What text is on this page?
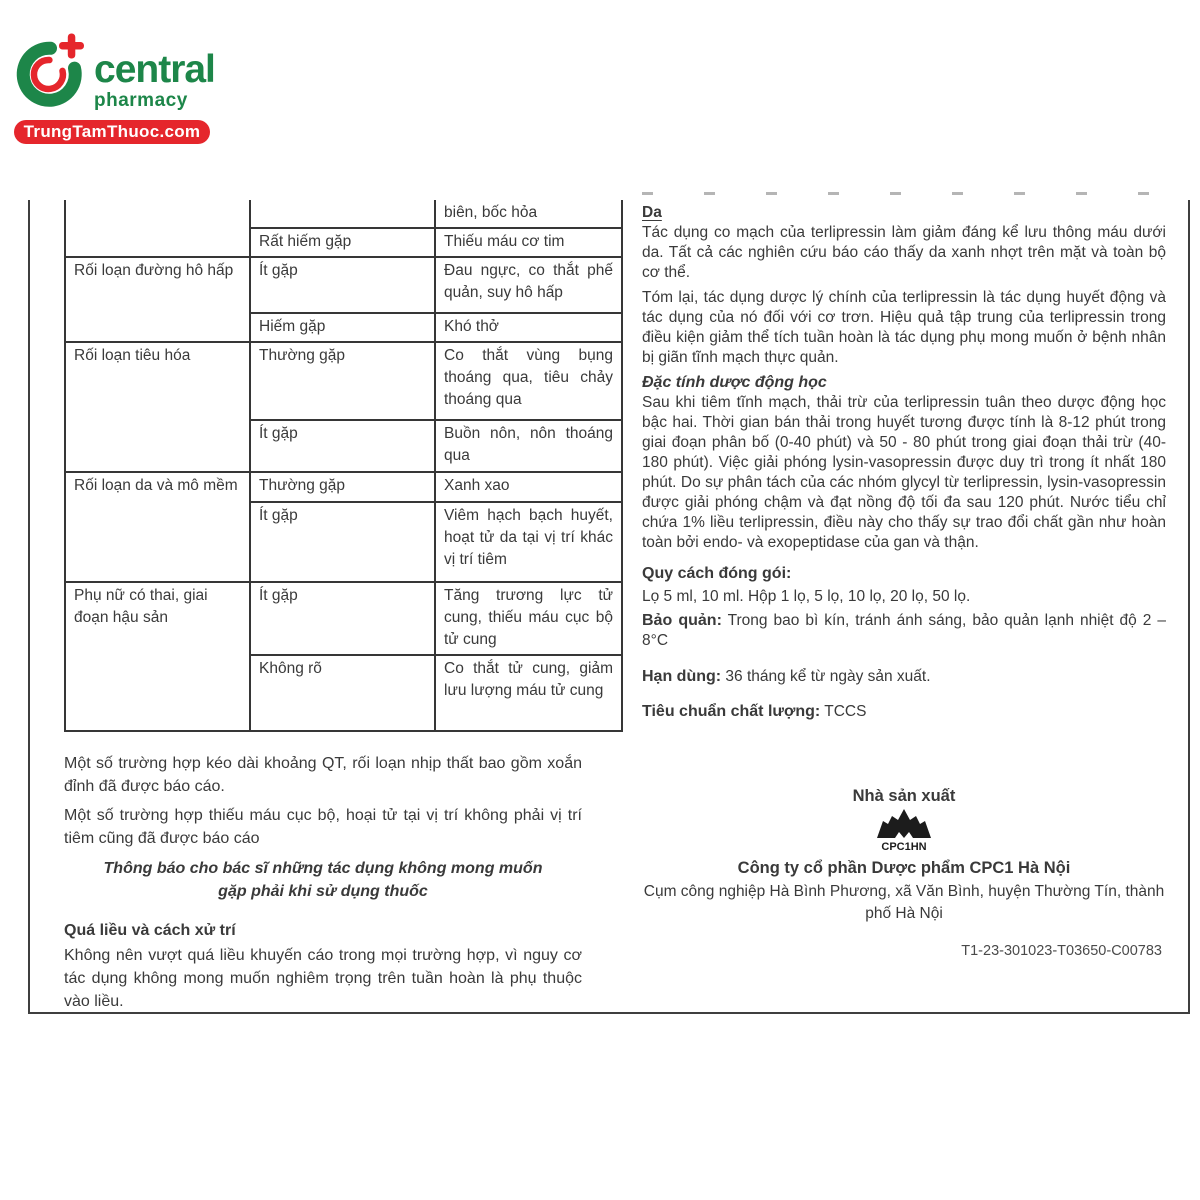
central
pharmacy
TrungTamThuoc.com
		biên, bốc hỏa
	Rất hiếm gặp	Thiếu máu cơ tim
Rối loạn đường hô hấp	Ít gặp	Đau ngực, co thắt phế quản, suy hô hấp
	Hiếm gặp	Khó thở
Rối loạn tiêu hóa	Thường gặp	Co thắt vùng bụng thoáng qua, tiêu chảy thoáng qua
	Ít gặp	Buồn nôn, nôn thoáng qua
Rối loạn da và mô mềm	Thường gặp	Xanh xao
	Ít gặp	Viêm hạch bạch huyết, hoạt tử da tại vị trí khác vị trí tiêm
Phụ nữ có thai, giai đoạn hậu sản	Ít gặp	Tăng trương lực tử cung, thiếu máu cục bộ tử cung
	Không rõ	Co thắt tử cung, giảm lưu lượng máu tử cung

Một số trường hợp kéo dài khoảng QT, rối loạn nhịp thất bao gồm xoắn đỉnh đã được báo cáo.

Một số trường hợp thiếu máu cục bộ, hoại tử tại vị trí không phải vị trí tiêm cũng đã được báo cáo

Thông báo cho bác sĩ những tác dụng không mong muốn gặp phải khi sử dụng thuốc

Quá liều và cách xử trí

Không nên vượt quá liều khuyến cáo trong mọi trường hợp, vì nguy cơ tác dụng không mong muốn nghiêm trọng trên tuần hoàn là phụ thuộc vào liều.

Da

Tác dụng co mạch của terlipressin làm giảm đáng kể lưu thông máu dưới da. Tất cả các nghiên cứu báo cáo thấy da xanh nhợt trên mặt và toàn bộ cơ thể.

Tóm lại, tác dụng dược lý chính của terlipressin là tác dụng huyết động và tác dụng của nó đối với cơ trơn. Hiệu quả tập trung của terlipressin trong điều kiện giảm thể tích tuần hoàn là tác dụng phụ mong muốn ở bệnh nhân bị giãn tĩnh mạch thực quản.

Đặc tính dược động học

Sau khi tiêm tĩnh mạch, thải trừ của terlipressin tuân theo dược động học bậc hai. Thời gian bán thải trong huyết tương được tính là 8-12 phút trong giai đoạn phân bố (0-40 phút) và 50 - 80 phút trong giai đoạn thải trừ (40-180 phút). Việc giải phóng lysin-vasopressin được duy trì trong ít nhất 180 phút. Do sự phân tách của các nhóm glycyl từ terlipressin, lysin-vasopressin được giải phóng chậm và đạt nồng độ tối đa sau 120 phút. Nước tiểu chỉ chứa 1% liều terlipressin, điều này cho thấy sự trao đổi chất gần như hoàn toàn bởi endo- và exopeptidase của gan và thận.

Quy cách đóng gói:
Lọ 5 ml, 10 ml. Hộp 1 lọ, 5 lọ, 10 lọ, 20 lọ, 50 lọ.

Bảo quản: Trong bao bì kín, tránh ánh sáng, bảo quản lạnh nhiệt độ 2 – 8°C

Hạn dùng: 36 tháng kể từ ngày sản xuất.

Tiêu chuẩn chất lượng: TCCS

Nhà sản xuất
CPC1HN
Công ty cổ phần Dược phẩm CPC1 Hà Nội
Cụm công nghiệp Hà Bình Phương, xã Văn Bình, huyện Thường Tín, thành phố Hà Nội
T1-23-301023-T03650-C00783
